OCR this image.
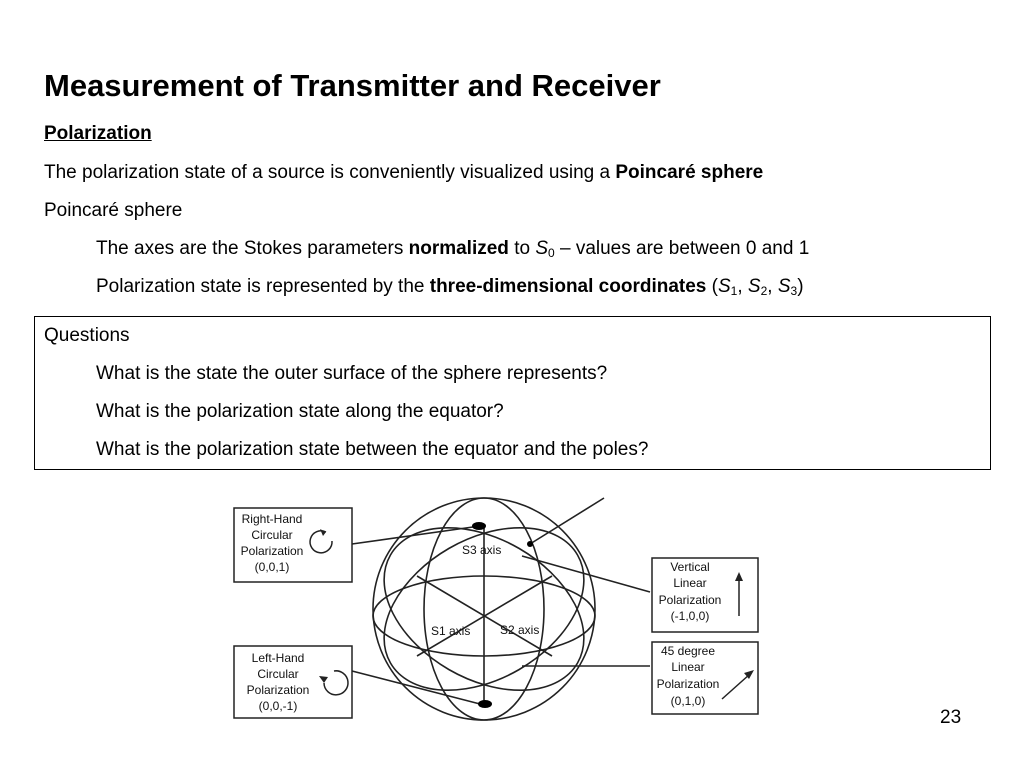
Measurement of Transmitter and Receiver
Polarization
The polarization state of a source is conveniently visualized using a Poincaré sphere
Poincaré sphere
The axes are the Stokes parameters normalized to $S_0$ – values are between 0 and 1
Polarization state is represented by the three-dimensional coordinates ($S_1$, $S_2$, $S_3$)
Questions
What is the state the outer surface of the sphere represents?
What is the polarization state along the equator?
What is the polarization state between the equator and the poles?
Right-Hand
Circular
Polarization
(0,0,1)
Left-Hand
Circular
Polarization
(0,0,-1)
Vertical
Linear
Polarization
(-1,0,0)
45 degree
Linear
Polarization
(0,1,0)
S3 axis
S1 axis S2 axis
23
